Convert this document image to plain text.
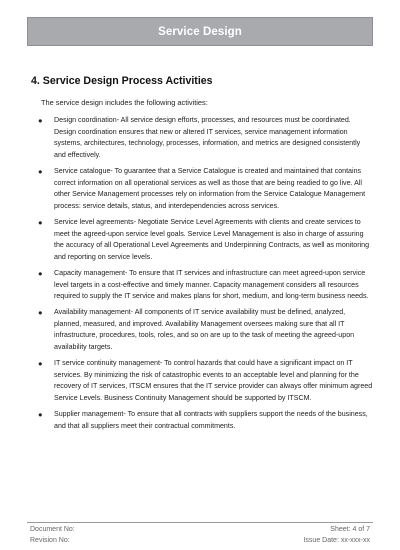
Service Design
4. Service Design Process Activities
The service design includes the following activities:
● Design coordination- All service design efforts, processes, and resources must be coordinated. Design coordination ensures that new or altered IT services, service management information systems, architectures, technology, processes, information, and metrics are designed consistently and effectively.
● Service catalogue- To guarantee that a Service Catalogue is created and maintained that contains correct information on all operational services as well as those that are being readied to go live. All other Service Management processes rely on information from the Service Catalogue Management process: service details, status, and interdependencies across services.
● Service level agreements- Negotiate Service Level Agreements with clients and create services to meet the agreed-upon service level goals. Service Level Management is also in charge of assuring the accuracy of all Operational Level Agreements and Underpinning Contracts, as well as monitoring and reporting on service levels.
● Capacity management- To ensure that IT services and infrastructure can meet agreed-upon service level targets in a cost-effective and timely manner. Capacity management considers all resources required to supply the IT service and makes plans for short, medium, and long-term business needs.
● Availability management- All components of IT service availability must be defined, analyzed, planned, measured, and improved. Availability Management oversees making sure that all IT infrastructure, procedures, tools, roles, and so on are up to the task of meeting the agreed-upon availability targets.
● IT service continuity management- To control hazards that could have a significant impact on IT services. By minimizing the risk of catastrophic events to an acceptable level and planning for the recovery of IT services, ITSCM ensures that the IT service provider can always offer minimum agreed Service Levels. Business Continuity Management should be supported by ITSCM.
● Supplier management- To ensure that all contracts with suppliers support the needs of the business, and that all suppliers meet their contractual commitments.
Document No:	Sheet: 4 of 7
Revision No:	Issue Date: xx-xxx-xx
